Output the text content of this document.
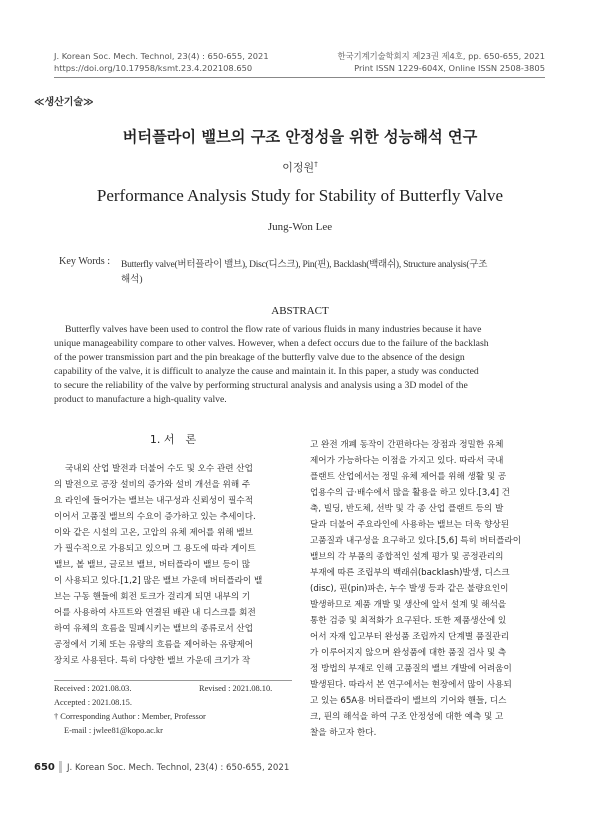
J. Korean Soc. Mech. Technol, 23(4) : 650-655, 2021
https://doi.org/10.17958/ksmt.23.4.202108.650
한국기계기술학회지 제23권 제4호, pp. 650-655, 2021
Print ISSN 1229-604X, Online ISSN 2508-3805
≪생산기술≫
버터플라이 밸브의 구조 안정성을 위한 성능해석 연구
이정원†
Performance Analysis Study for Stability of Butterfly Valve
Jung-Won Lee
Key Words : Butterfly valve(버터플라이 밸브), Disc(디스크), Pin(핀), Backlash(백래쉬), Structure analysis(구조
해석)
ABSTRACT
Butterfly valves have been used to control the flow rate of various fluids in many industries because it have
unique manageability compare to other valves. However, when a defect occurs due to the failure of the backlash
of the power transmission part and the pin breakage of the butterfly valve due to the absence of the design
capability of the valve, it is difficult to analyze the cause and maintain it. In this paper, a study was conducted
to secure the reliability of the valve by performing structural analysis and analysis using a 3D model of the
product to manufacture a high-quality valve.
1. 서　론
국내외 산업 발전과 더불어 수도 및 오수 관련 산업
의 발전으로 공장 설비의 증가와 설비 개선을 위해 주
요 라인에 들어가는 밸브는 내구성과 신뢰성이 필수적
이어서 고품질 밸브의 수요이 증가하고 있는 추세이다.
이와 같은 시설의 고온, 고압의 유체 제어를 위해 밸브
가 필수적으로 가용되고 있으며 그 용도에 따라 게이트
밸브, 볼 밸브, 글로브 밸브, 버터플라이 밸브 등이 많
이 사용되고 있다.[1,2] 많은 밸브 가운데 버터플라이 밸
브는 구동 핸들에 회전 토크가 걸리게 되면 내부의 기
어를 사용하여 샤프트와 연결된 배관 내 디스크를 회전
하여 유체의 흐름을 밀폐시키는 밸브의 종류로서 산업
공정에서 기체 또는 유량의 흐름을 제어하는 유량제어
장치로 사용된다. 특히 다양한 밸브 가운데 크기가 작
고 완전 개폐 동작이 간편하다는 장점과 정밀한 유체
제어가 가능하다는 이점을 가지고 있다. 따라서 국내
플랜트 산업에서는 정밀 유체 제어를 위해 생활 및 공
업용수의 급·배수에서 많을 활용을 하고 있다.[3,4] 건
축, 빌딩, 반도체, 선박 및 각 종 산업 플랜트 등의 발
달과 더불어 주요라인에 사용하는 밸브는 더욱 향상된
고품질과 내구성을 요구하고 있다.[5,6] 특히 버터플라이
밸브의 각 부품의 종합적인 설계 평가 및 공정관리의
부재에 따른 조립부의 백래쉬(backlash)발생, 디스크
(disc), 핀(pin)파손, 누수 발생 등과 같은 불량요인이
발생하므로 제품 개발 및 생산에 앞서 설계 및 해석을
통한 검증 및 최적화가 요구된다. 또한 제품생산에 있
어서 자재 입고부터 완성품 조립까지 단계별 품질관리
가 이루어지지 않으며 완성품에 대한 품질 검사 및 측
정 방법의 부재로 인해 고품질의 밸브 개발에 어려움이
발생된다. 따라서 본 연구에서는 현장에서 많이 사용되
고 있는 65A용 버터플라이 밸브의 기어와 핸들, 디스
크, 핀의 해석을 하여 구조 안정성에 대한 예측 및 고
찰을 하고자 한다.
Received : 2021.08.03.	Revised : 2021.08.10.
Accepted : 2021.08.15.
† Corresponding Author : Member, Professor
E-mail : jwlee81@kopo.ac.kr
650 J. Korean Soc. Mech. Technol, 23(4) : 650-655, 2021
